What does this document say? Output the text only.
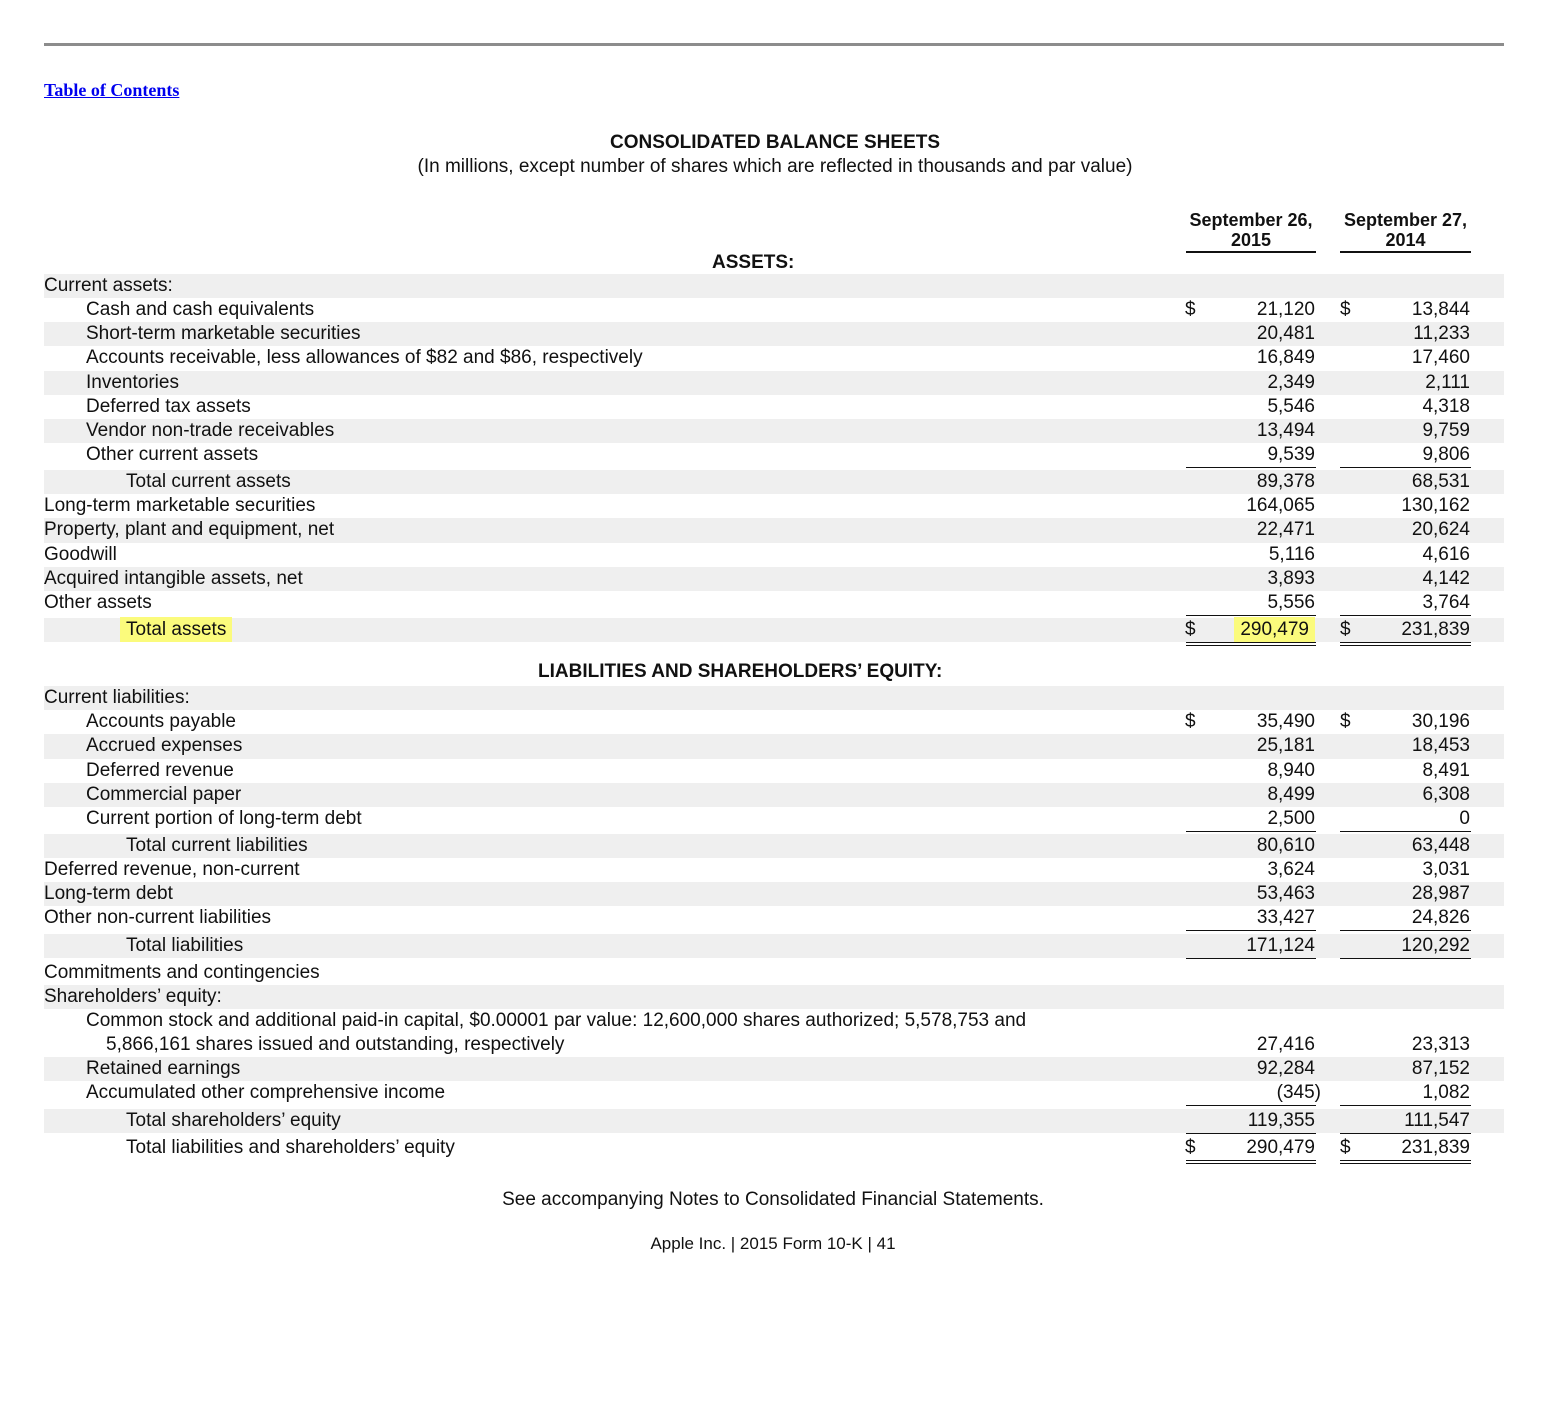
Table of Contents
CONSOLIDATED BALANCE SHEETS
(In millions, except number of shares which are reflected in thousands and par value)
September 26, 2015
September 27, 2014
ASSETS:
Current assets:
Cash and cash equivalents	$	21,120 $	13,844
Short-term marketable securities	20,481	11,233
Accounts receivable, less allowances of $82 and $86, respectively	16,849	17,460
Inventories	2,349	2,111
Deferred tax assets	5,546	4,318
Vendor non-trade receivables	13,494	9,759
Other current assets	9,539	9,806
Total current assets	89,378	68,531
Long-term marketable securities	164,065	130,162
Property, plant and equipment, net	22,471	20,624
Goodwill	5,116	4,616
Acquired intangible assets, net	3,893	4,142
Other assets	5,556	3,764
Total assets	$	290,479	$	231,839
Current liabilities:
Accounts payable	$	35,490 $	30,196
Accrued expenses	25,181	18,453
Deferred revenue	8,940	8,491
Commercial paper	8,499	6,308
Current portion of long-term debt	2,500	0
Total current liabilities	80,610	63,448
Deferred revenue, non-current	3,624	3,031
Long-term debt	53,463	28,987
Other non-current liabilities	33,427	24,826
Total liabilities	171,124	120,292
Commitments and contingencies
Shareholders’ equity:
Common stock and additional paid-in capital, $0.00001 par value: 12,600,000 shares authorized; 5,578,753 and
5,866,161 shares issued and outstanding, respectively	27,416	23,313
Retained earnings	92,284	87,152
Accumulated other comprehensive income	(345)	1,082
Total shareholders’ equity	119,355	111,547
Total liabilities and shareholders’ equity	$	290,479 $	231,839
LIABILITIES AND SHAREHOLDERS’ EQUITY:
See accompanying Notes to Consolidated Financial Statements.
Apple Inc. | 2015 Form 10-K | 41
